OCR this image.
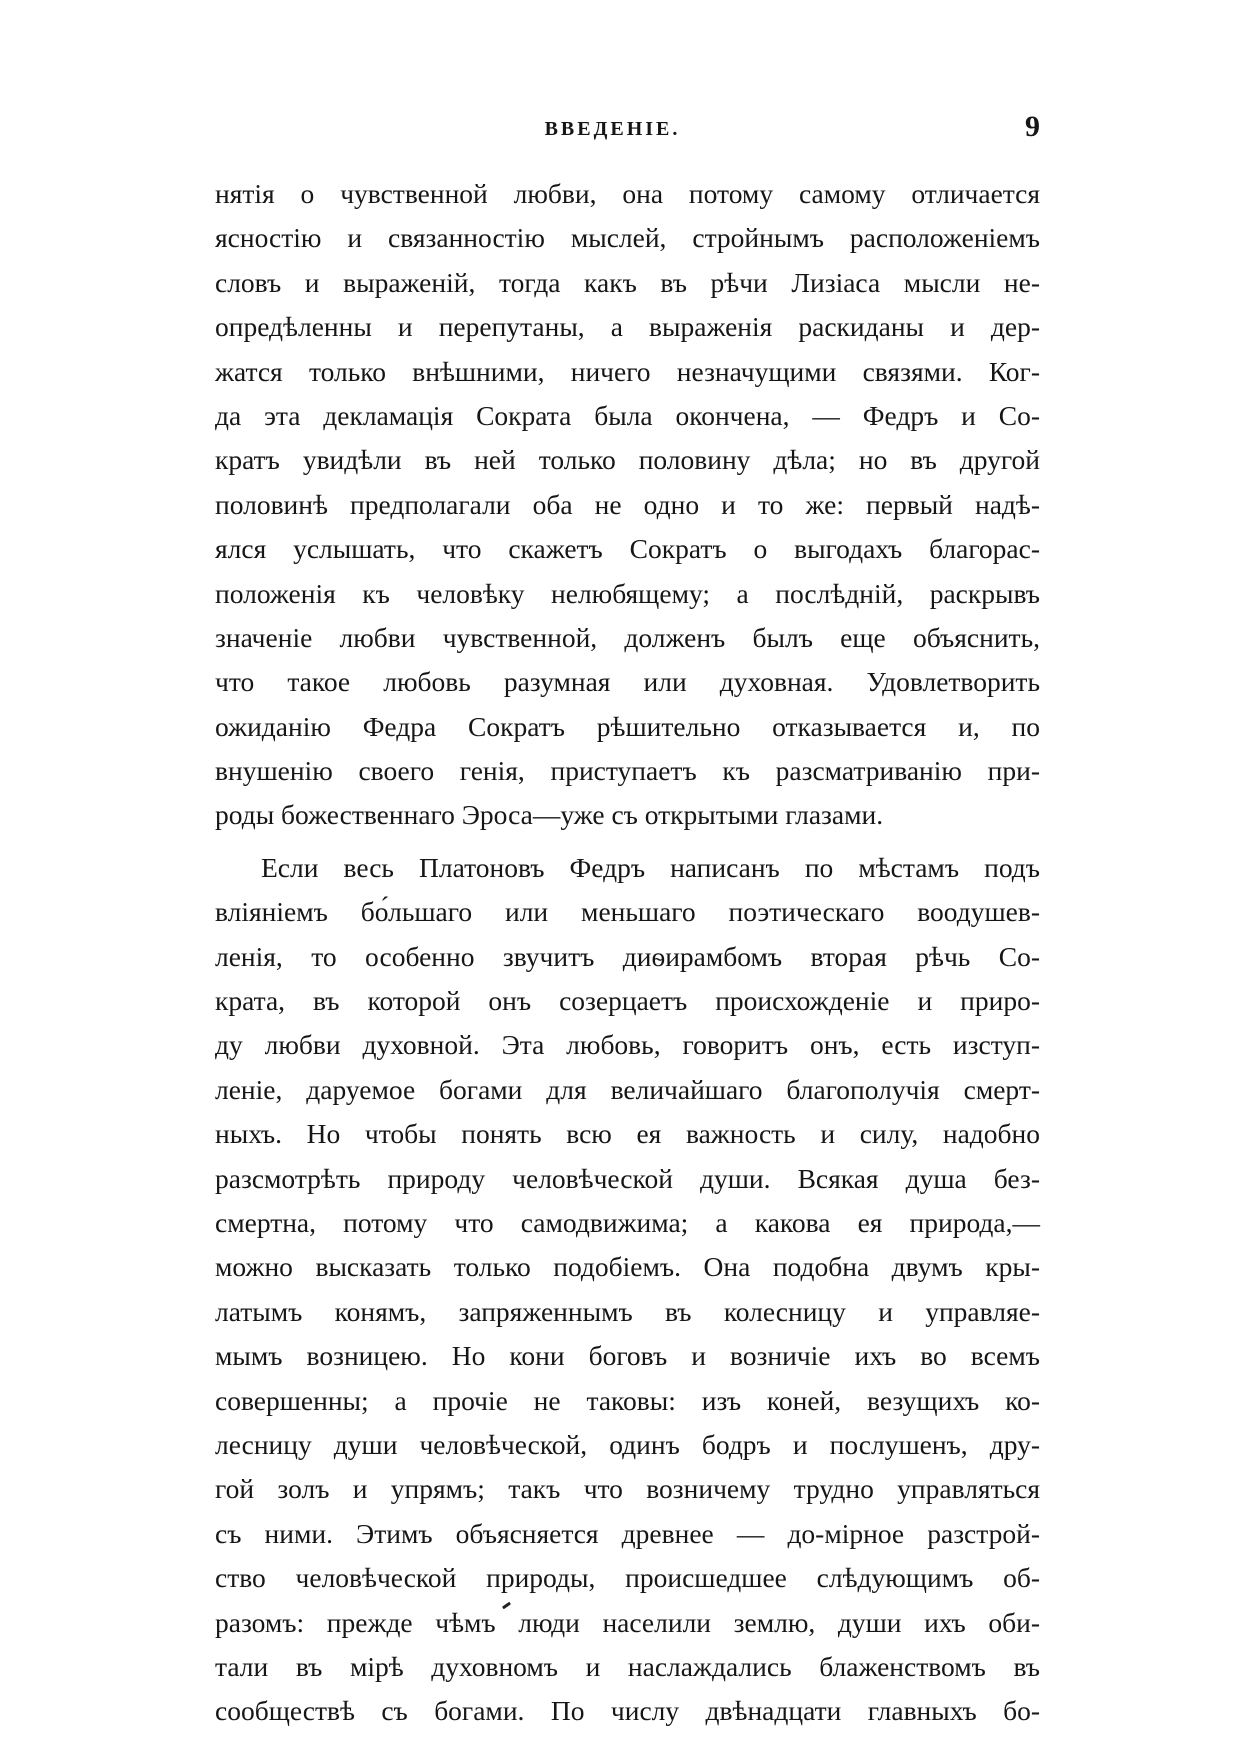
ВВЕДЕНІЕ.	9
нятія о чувственной любви, она потому самому отличается
ясностію и связанностію мыслей, стройнымъ расположеніемъ
словъ и выраженій, тогда какъ въ рѣчи Лизіаса мысли не-
опредѣленны и перепутаны, а выраженія раскиданы и дер-
жатся только внѣшними, ничего незначущими связями. Ког-
да эта декламація Сократа была окончена, — Федръ и Со-
кратъ увидѣли въ ней только половину дѣла; но въ другой
половинѣ предполагали оба не одно и то же: первый надѣ-
ялся услышать, что скажетъ Сократъ о выгодахъ благорас-
положенія къ человѣку нелюбящему; а послѣдній, раскрывъ
значеніе любви чувственной, долженъ былъ еще объяснить,
что такое любовь разумная или духовная. Удовлетворить
ожиданію Федра Сократъ рѣшительно отказывается и, по
внушенію своего генія, приступаетъ къ разсматриванію при-
роды божественнаго Эроса—уже съ открытыми глазами.
Если весь Платоновъ Федръ написанъ по мѣстамъ подъ
вліяніемъ бо́льшаго или меньшаго поэтическаго воодушев-
ленія, то особенно звучитъ диѳирамбомъ вторая рѣчь Со-
крата, въ которой онъ созерцаетъ происхожденіе и приро-
ду любви духовной. Эта любовь, говоритъ онъ, есть изступ-
леніе, даруемое богами для величайшаго благополучія смерт-
ныхъ. Но чтобы понять всю ея важность и силу, надобно
разсмотрѣть природу человѣческой души. Всякая душа без-
смертна, потому что самодвижима; а какова ея природа,—
можно высказать только подобіемъ. Она подобна двумъ кры-
латымъ конямъ, запряженнымъ въ колесницу и управляе-
мымъ возницею. Но кони боговъ и возничіе ихъ во всемъ
совершенны; а прочіе не таковы: изъ коней, везущихъ ко-
лесницу души человѣческой, одинъ бодръ и послушенъ, дру-
гой золъ и упрямъ; такъ что возничему трудно управляться
съ ними. Этимъ объясняется древнее — до-мірное разстрой-
ство человѣческой природы, происшедшее слѣдующимъ об-
разомъ: прежде чѣмъ люди населили землю, души ихъ оби-
тали въ мірѣ духовномъ и наслаждались блаженствомъ въ
сообществѣ съ богами. По числу двѣнадцати главныхъ бо-
